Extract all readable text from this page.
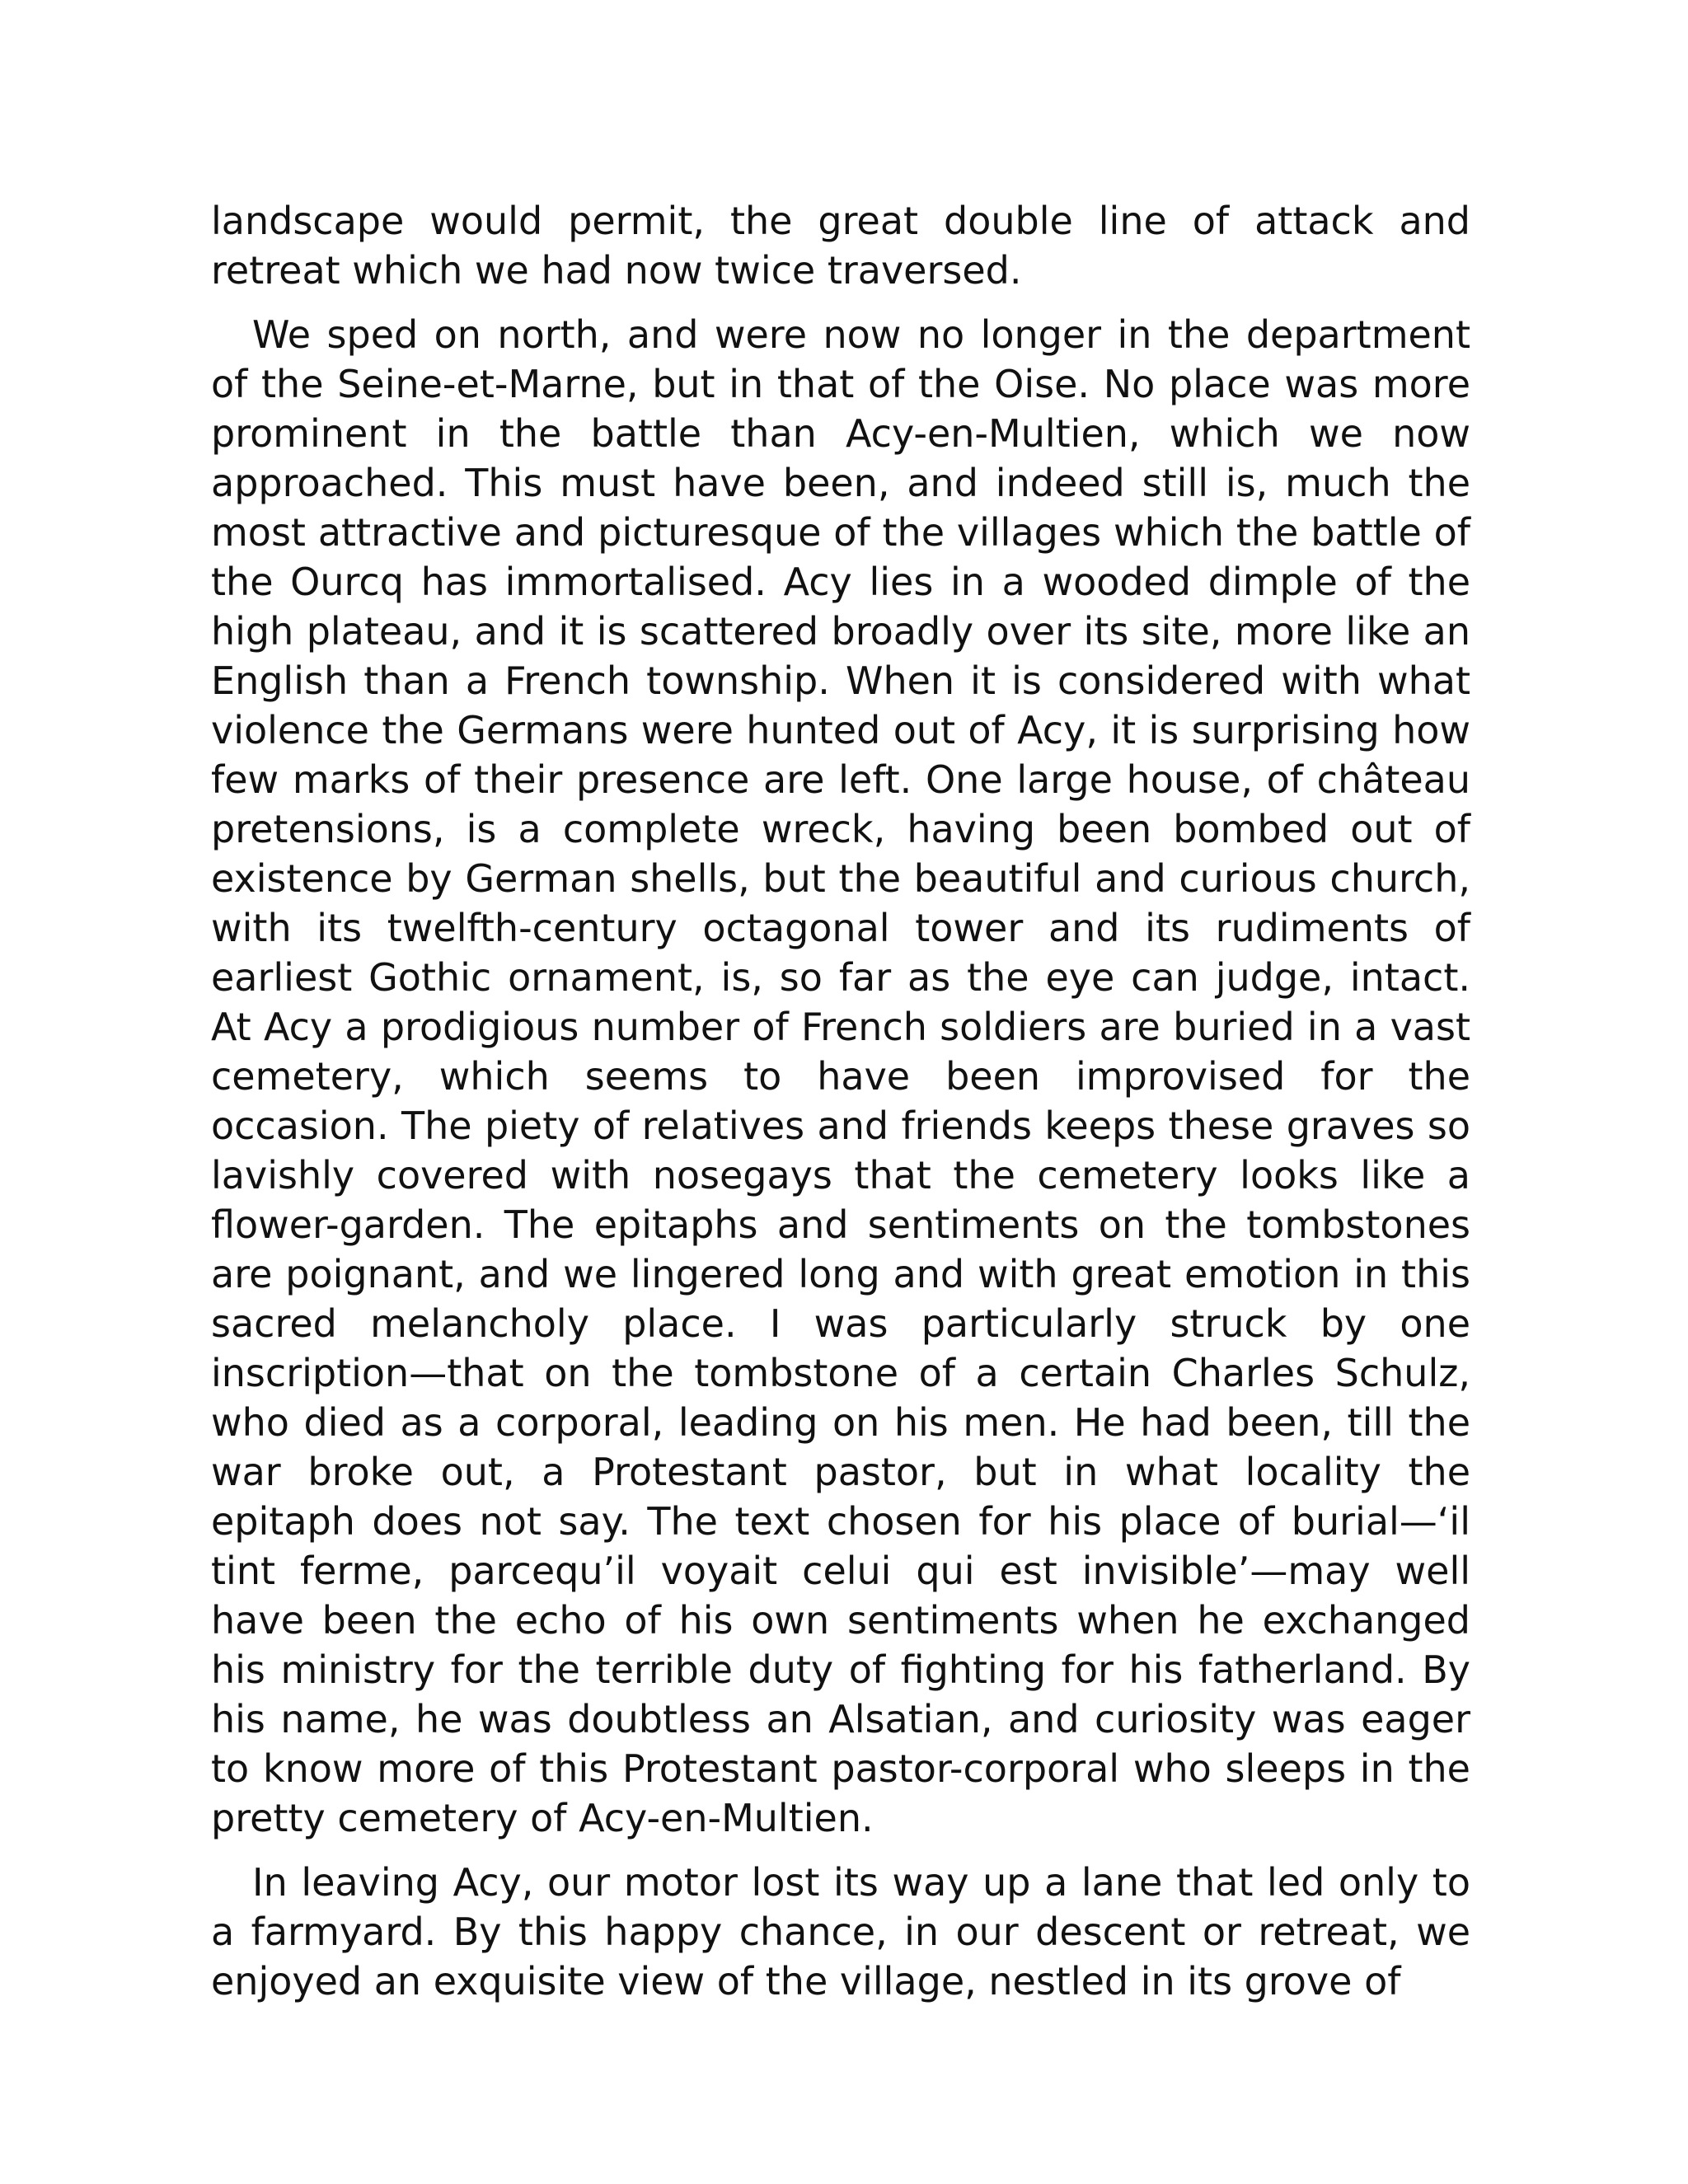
landscape would permit, the great double line of attack and retreat which we had now twice traversed.

We sped on north, and were now no longer in the department of the Seine-et-Marne, but in that of the Oise. No place was more prominent in the battle than Acy-en-Multien, which we now approached. This must have been, and indeed still is, much the most attractive and picturesque of the villages which the battle of the Ourcq has immortalised. Acy lies in a wooded dimple of the high plateau, and it is scattered broadly over its site, more like an English than a French township. When it is considered with what violence the Germans were hunted out of Acy, it is surprising how few marks of their presence are left. One large house, of château pretensions, is a complete wreck, having been bombed out of existence by German shells, but the beautiful and curious church, with its twelfth-century octagonal tower and its rudiments of earliest Gothic ornament, is, so far as the eye can judge, intact. At Acy a prodigious number of French soldiers are buried in a vast cemetery, which seems to have been improvised for the occasion. The piety of relatives and friends keeps these graves so lavishly covered with nosegays that the cemetery looks like a flower-garden. The epitaphs and sentiments on the tombstones are poignant, and we lingered long and with great emotion in this sacred melancholy place. I was particularly struck by one inscription—that on the tombstone of a certain Charles Schulz, who died as a corporal, leading on his men. He had been, till the war broke out, a Protestant pastor, but in what locality the epitaph does not say. The text chosen for his place of burial—‘il tint ferme, parcequ’il voyait celui qui est invisible’—may well have been the echo of his own sentiments when he exchanged his ministry for the terrible duty of fighting for his fatherland. By his name, he was doubtless an Alsatian, and curiosity was eager to know more of this Protestant pastor-corporal who sleeps in the pretty cemetery of Acy-en-Multien.

In leaving Acy, our motor lost its way up a lane that led only to a farmyard. By this happy chance, in our descent or retreat, we enjoyed an exquisite view of the village, nestled in its grove of
